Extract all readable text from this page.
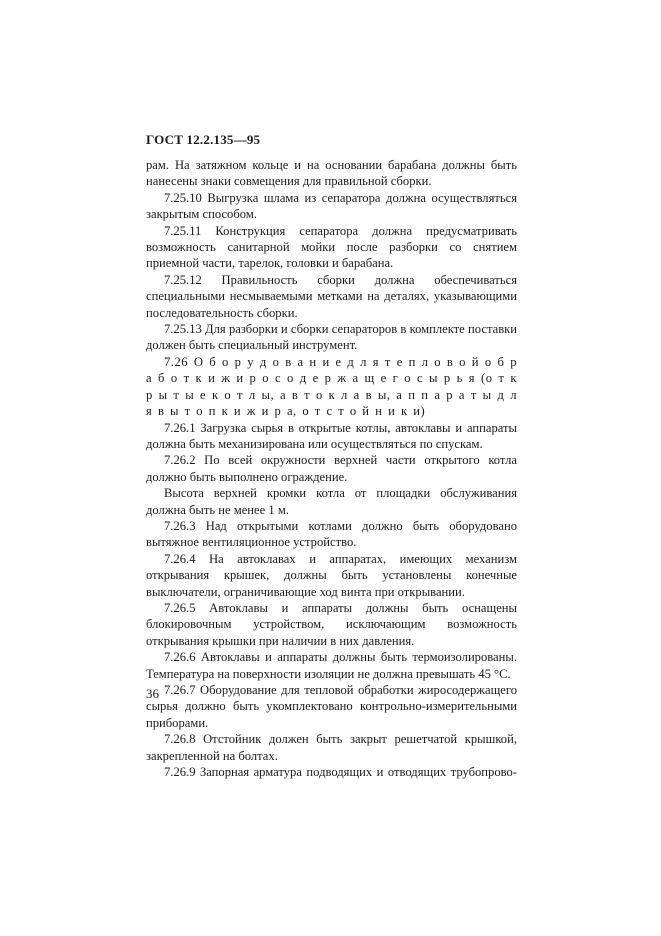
ГОСТ 12.2.135—95

рам. На затяжном кольце и на основании барабана должны быть нанесены знаки совмещения для правильной сборки.

7.25.10 Выгрузка шлама из сепаратора должна осуществляться закрытым способом.

7.25.11 Конструкция сепаратора должна предусматривать возможность санитарной мойки после разборки со снятием приемной части, тарелок, головки и барабана.

7.25.12 Правильность сборки должна обеспечиваться специальными несмываемыми метками на деталях, указывающими последовательность сборки.

7.25.13 Для разборки и сборки сепараторов в комплекте поставки должен быть специальный инструмент.

7.26 О б о р у д о в а н и е д л я т е п л о в о й о б р а б о т к и ж и р о с о д е р ж а щ е г о с ы р ь я (о т к р ы т ы е к о т л ы, а в т о к л а в ы, а п п а р а т ы д л я в ы т о п к и ж и р а, о т с т о й н и к и)

7.26.1 Загрузка сырья в открытые котлы, автоклавы и аппараты должна быть механизирована или осуществляться по спускам.

7.26.2 По всей окружности верхней части открытого котла должно быть выполнено ограждение.

Высота верхней кромки котла от площадки обслуживания должна быть не менее 1 м.

7.26.3 Над открытыми котлами должно быть оборудовано вытяжное вентиляционное устройство.

7.26.4 На автоклавах и аппаратах, имеющих механизм открывания крышек, должны быть установлены конечные выключатели, ограничивающие ход винта при открывании.

7.26.5 Автоклавы и аппараты должны быть оснащены блокировочным устройством, исключающим возможность открывания крышки при наличии в них давления.

7.26.6 Автоклавы и аппараты должны быть термоизолированы. Температура на поверхности изоляции не должна превышать 45 °С.

7.26.7 Оборудование для тепловой обработки жиросодержащего сырья должно быть укомплектовано контрольно-измерительными приборами.

7.26.8 Отстойник должен быть закрыт решетчатой крышкой, закрепленной на болтах.

7.26.9 Запорная арматура подводящих и отводящих трубопрово-

36
